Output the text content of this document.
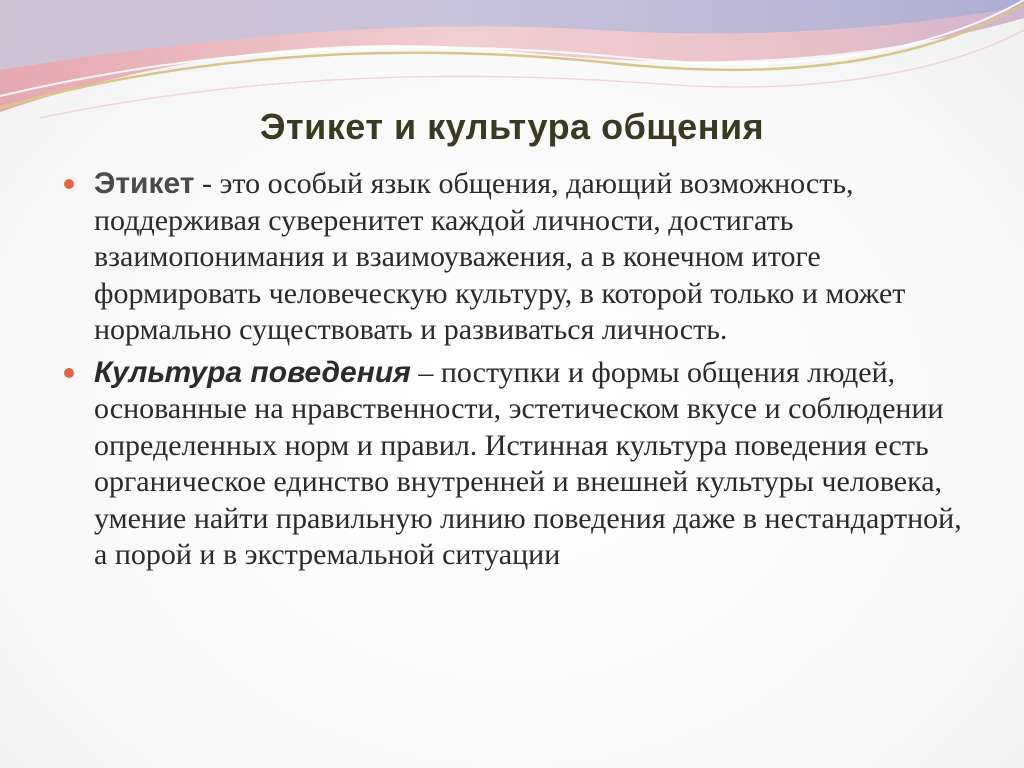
Этикет и культура общения
Этикет - это особый язык общения, дающий возможность, поддерживая суверенитет каждой личности, достигать взаимопонимания и взаимоуважения, а в конечном итоге формировать человеческую культуру, в которой только и может нормально существовать и развиваться личность.
Культура поведения – поступки и формы общения людей, основанные на нравственности, эстетическом вкусе и соблюдении определенных норм и правил. Истинная культура поведения есть органическое единство внутренней и внешней культуры человека, умение найти правильную линию поведения даже в нестандартной, а порой и в экстремальной ситуации
